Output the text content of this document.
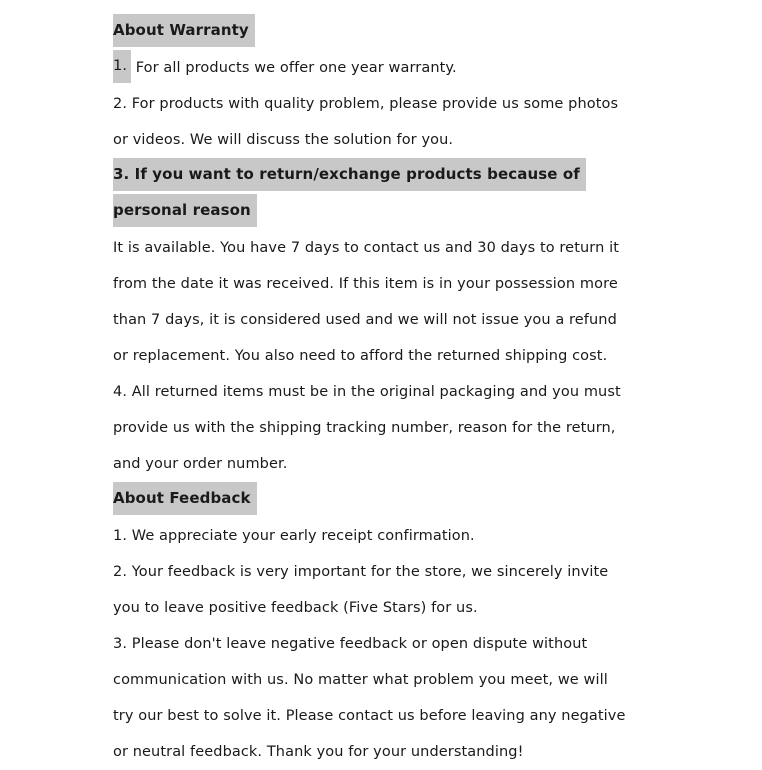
About Warranty
1. For all products we offer one year warranty.
2. For products with quality problem, please provide us some photos
or videos. We will discuss the solution for you.
3. If you want to return/exchange products because of
personal reason
It is available. You have 7 days to contact us and 30 days to return it
from the date it was received. If this item is in your possession more
than 7 days, it is considered used and we will not issue you a refund
or replacement. You also need to afford the returned shipping cost.
4. All returned items must be in the original packaging and you must
provide us with the shipping tracking number, reason for the return,
and your order number.
About Feedback
1. We appreciate your early receipt confirmation.
2. Your feedback is very important for the store, we sincerely invite
you to leave positive feedback (Five Stars) for us.
3. Please don't leave negative feedback or open dispute without
communication with us. No matter what problem you meet, we will
try our best to solve it. Please contact us before leaving any negative
or neutral feedback. Thank you for your understanding!
